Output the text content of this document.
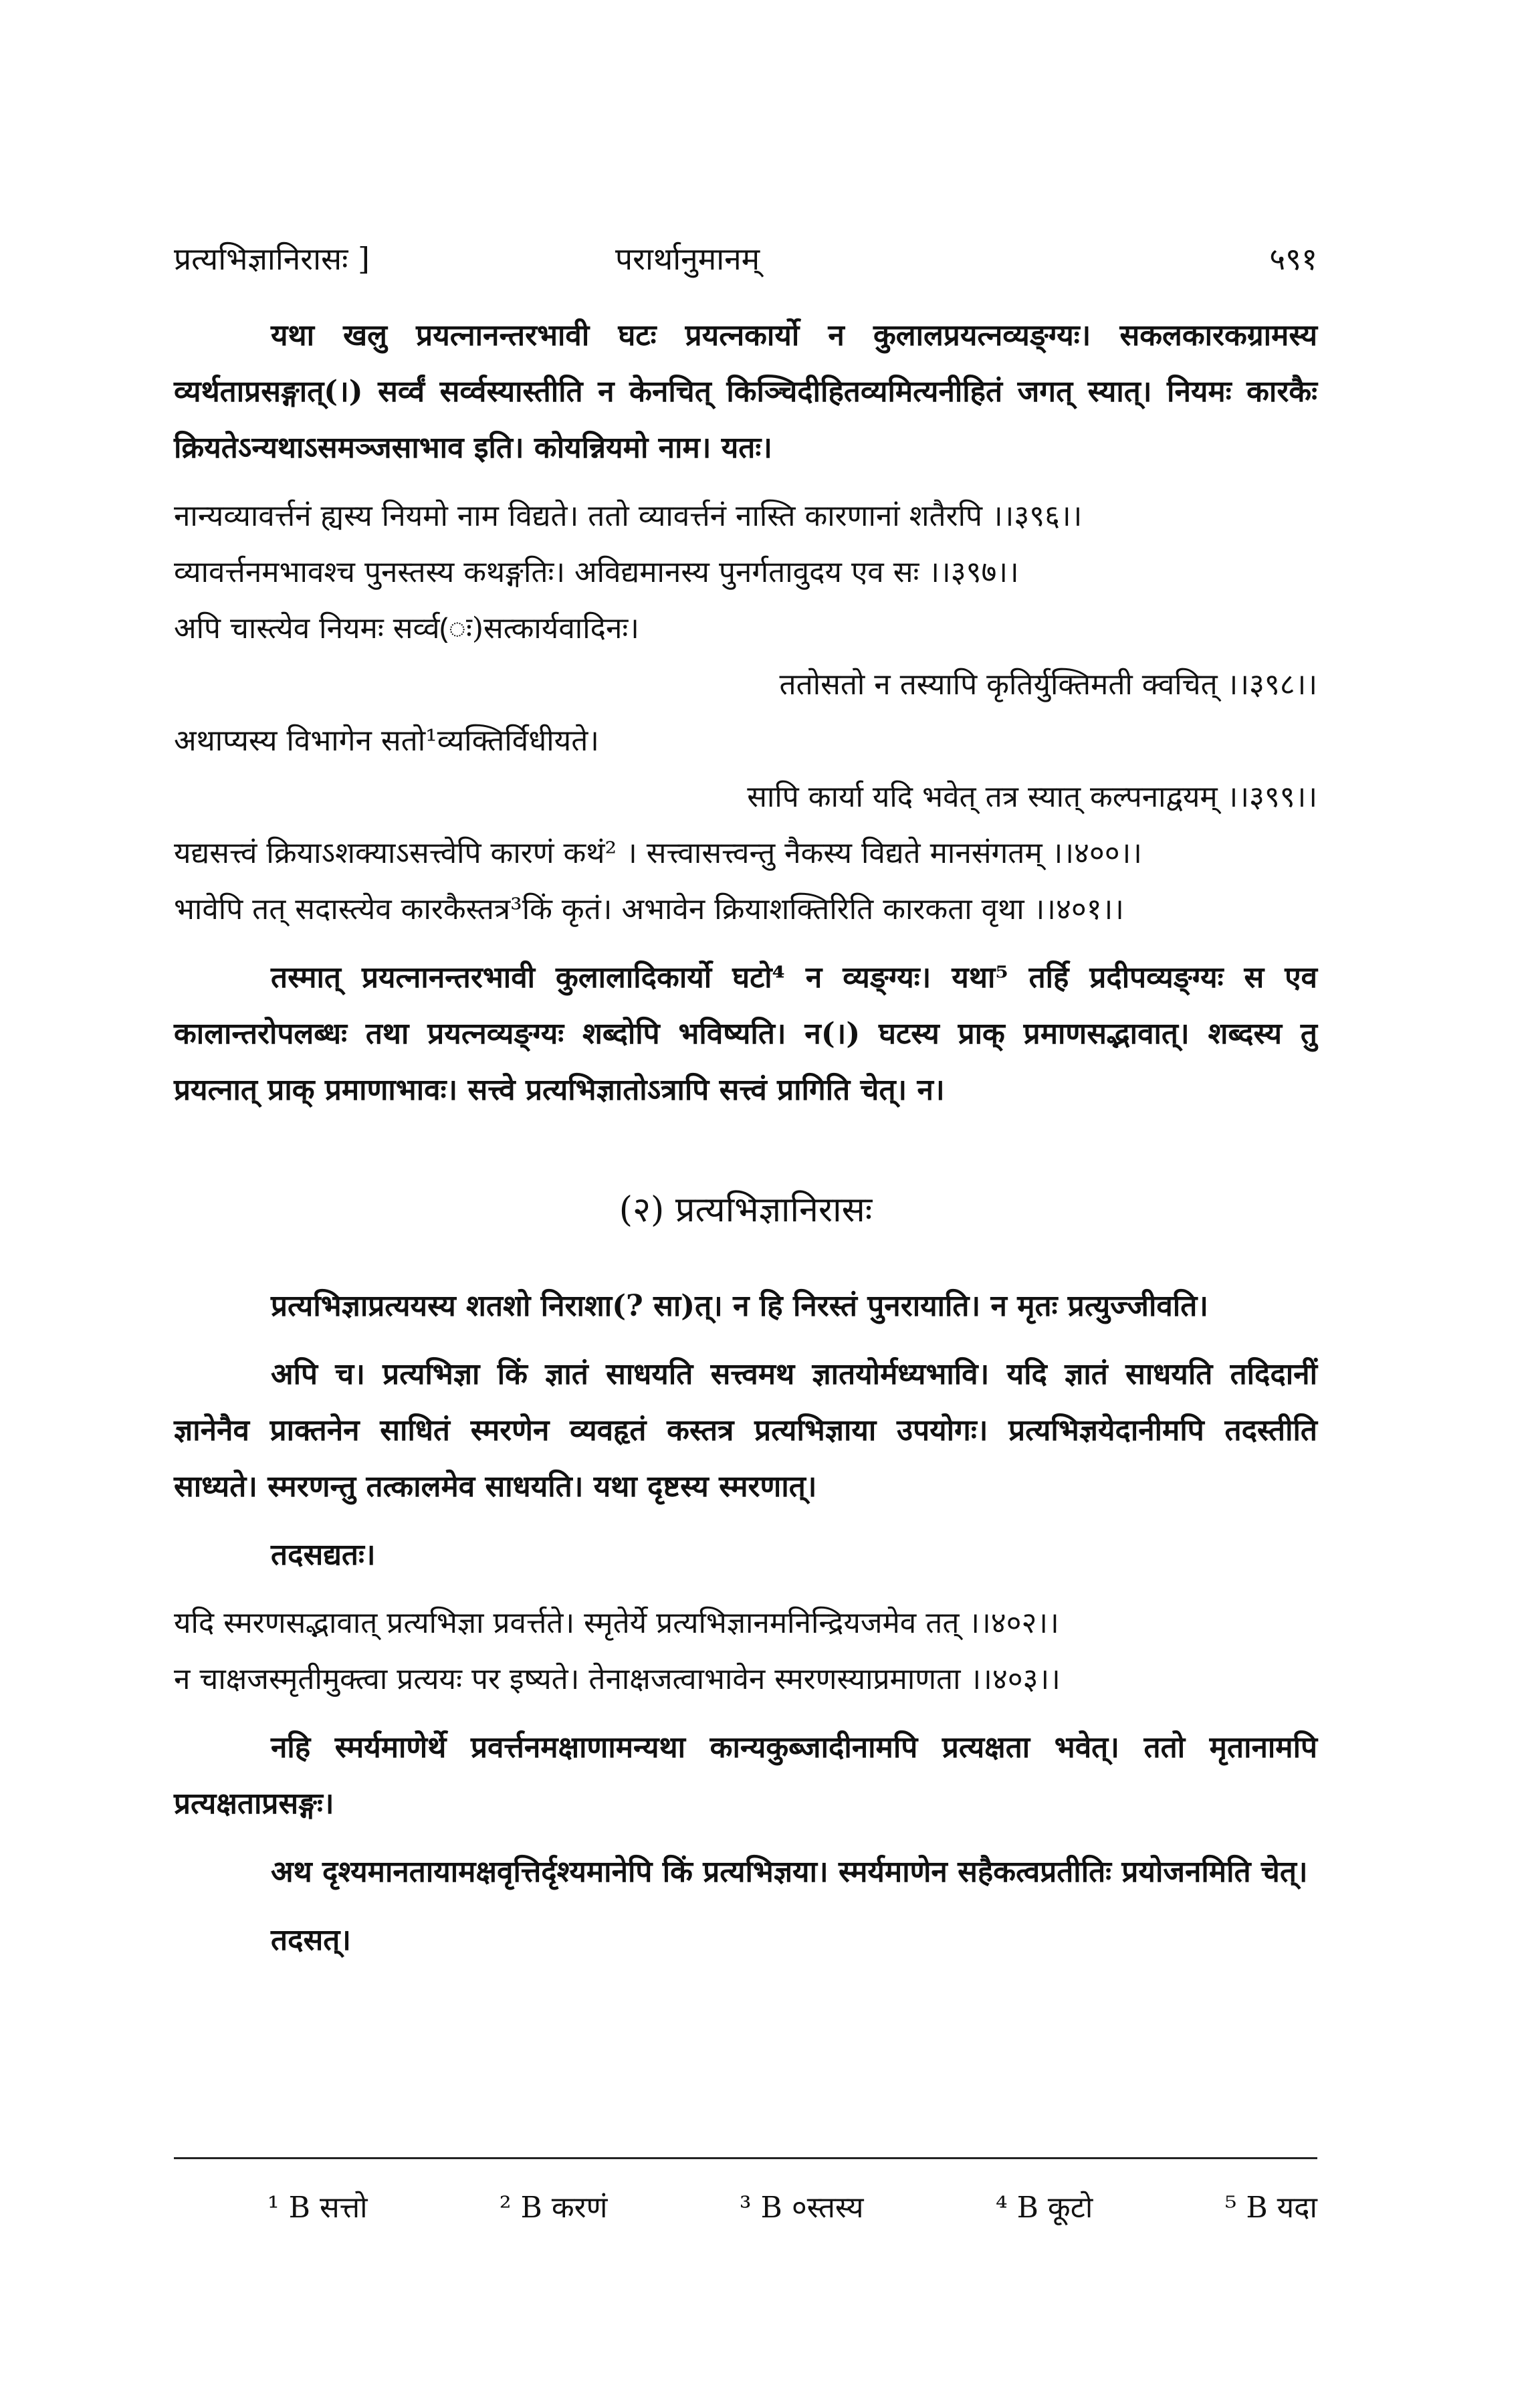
प्रत्यभिज्ञानिरासः ]	परार्थानुमानम्	५९१

यथा खलु प्रयत्नानन्तरभावी घटः प्रयत्नकार्यो न कुलालप्रयत्नव्यङ्ग्यः। सकलकारकग्रामस्य व्यर्थताप्रसङ्गात्(।) सर्व्वं सर्व्वस्यास्तीति न केनचित् किञ्चिदीहितव्यमित्यनीहितं जगत् स्यात्। नियमः कारकैः क्रियतेऽन्यथाऽसमञ्जसाभाव इति। कोयन्नियमो नाम। यतः।

नान्यव्यावर्त्तनं ह्यस्य नियमो नाम विद्यते। ततो व्यावर्त्तनं नास्ति कारणानां शतैरपि ।।३९६।।

व्यावर्त्तनमभावश्च पुनस्तस्य कथङ्गतिः। अविद्यमानस्य पुनर्गतावुदय एव सः ।।३९७।।

अपि चास्त्येव नियमः सर्व्व(ः)सत्कार्यवादिनः।

ततोसतो न तस्यापि कृतिर्युक्तिमती क्वचित् ।।३९८।।

अथाप्यस्य विभागेन सतो¹व्यक्तिर्विधीयते।

सापि कार्या यदि भवेत् तत्र स्यात् कल्पनाद्वयम् ।।३९९।।

यद्यसत्त्वं क्रियाऽशक्याऽसत्त्वेपि कारणं कथं² । सत्त्वासत्त्वन्तु नैकस्य विद्यते मानसंगतम् ।।४००।।

भावेपि तत् सदास्त्येव कारकैस्तत्र³किं कृतं। अभावेन क्रियाशक्तिरिति कारकता वृथा ।।४०१।।

तस्मात् प्रयत्नानन्तरभावी कुलालादिकार्यो घटो⁴ न व्यङ्ग्यः। यथा⁵ तर्हि प्रदीपव्यङ्ग्यः स एव कालान्तरोपलब्धः तथा प्रयत्नव्यङ्ग्यः शब्दोपि भविष्यति। न(।) घटस्य प्राक् प्रमाणसद्भावात्। शब्दस्य तु प्रयत्नात् प्राक् प्रमाणाभावः। सत्त्वे प्रत्यभिज्ञातोऽत्रापि सत्त्वं प्रागिति चेत्। न।

(२) प्रत्यभिज्ञानिरासः

प्रत्यभिज्ञाप्रत्ययस्य शतशो निराशा(? सा)त्। न हि निरस्तं पुनरायाति। न मृतः प्रत्युज्जीवति।

अपि च। प्रत्यभिज्ञा किं ज्ञातं साधयति सत्त्वमथ ज्ञातयोर्मध्यभावि। यदि ज्ञातं साधयति तदिदानीं ज्ञानेनैव प्राक्तनेन साधितं स्मरणेन व्यवहृतं कस्तत्र प्रत्यभिज्ञाया उपयोगः। प्रत्यभिज्ञयेदानीमपि तदस्तीति साध्यते। स्मरणन्तु तत्कालमेव साधयति। यथा दृष्टस्य स्मरणात्।

तदसद्यतः।

यदि स्मरणसद्भावात् प्रत्यभिज्ञा प्रवर्त्तते। स्मृतेर्ये प्रत्यभिज्ञानमनिन्द्रियजमेव तत् ।।४०२।।

न चाक्षजस्मृतीमुक्त्वा प्रत्ययः पर इष्यते। तेनाक्षजत्वाभावेन स्मरणस्याप्रमाणता ।।४०३।।

नहि स्मर्यमाणेर्थे प्रवर्त्तनमक्षाणामन्यथा कान्यकुब्जादीनामपि प्रत्यक्षता भवेत्। ततो मृतानामपि प्रत्यक्षताप्रसङ्गः।

अथ दृश्यमानतायामक्षवृत्तिर्दृश्यमानेपि किं प्रत्यभिज्ञया। स्मर्यमाणेन सहैकत्वप्रतीतिः प्रयोजनमिति चेत्।

तदसत्।

¹ B सत्तो	² B करणं	³ B ०स्तस्य	⁴ B कूटो	⁵ B यदा
